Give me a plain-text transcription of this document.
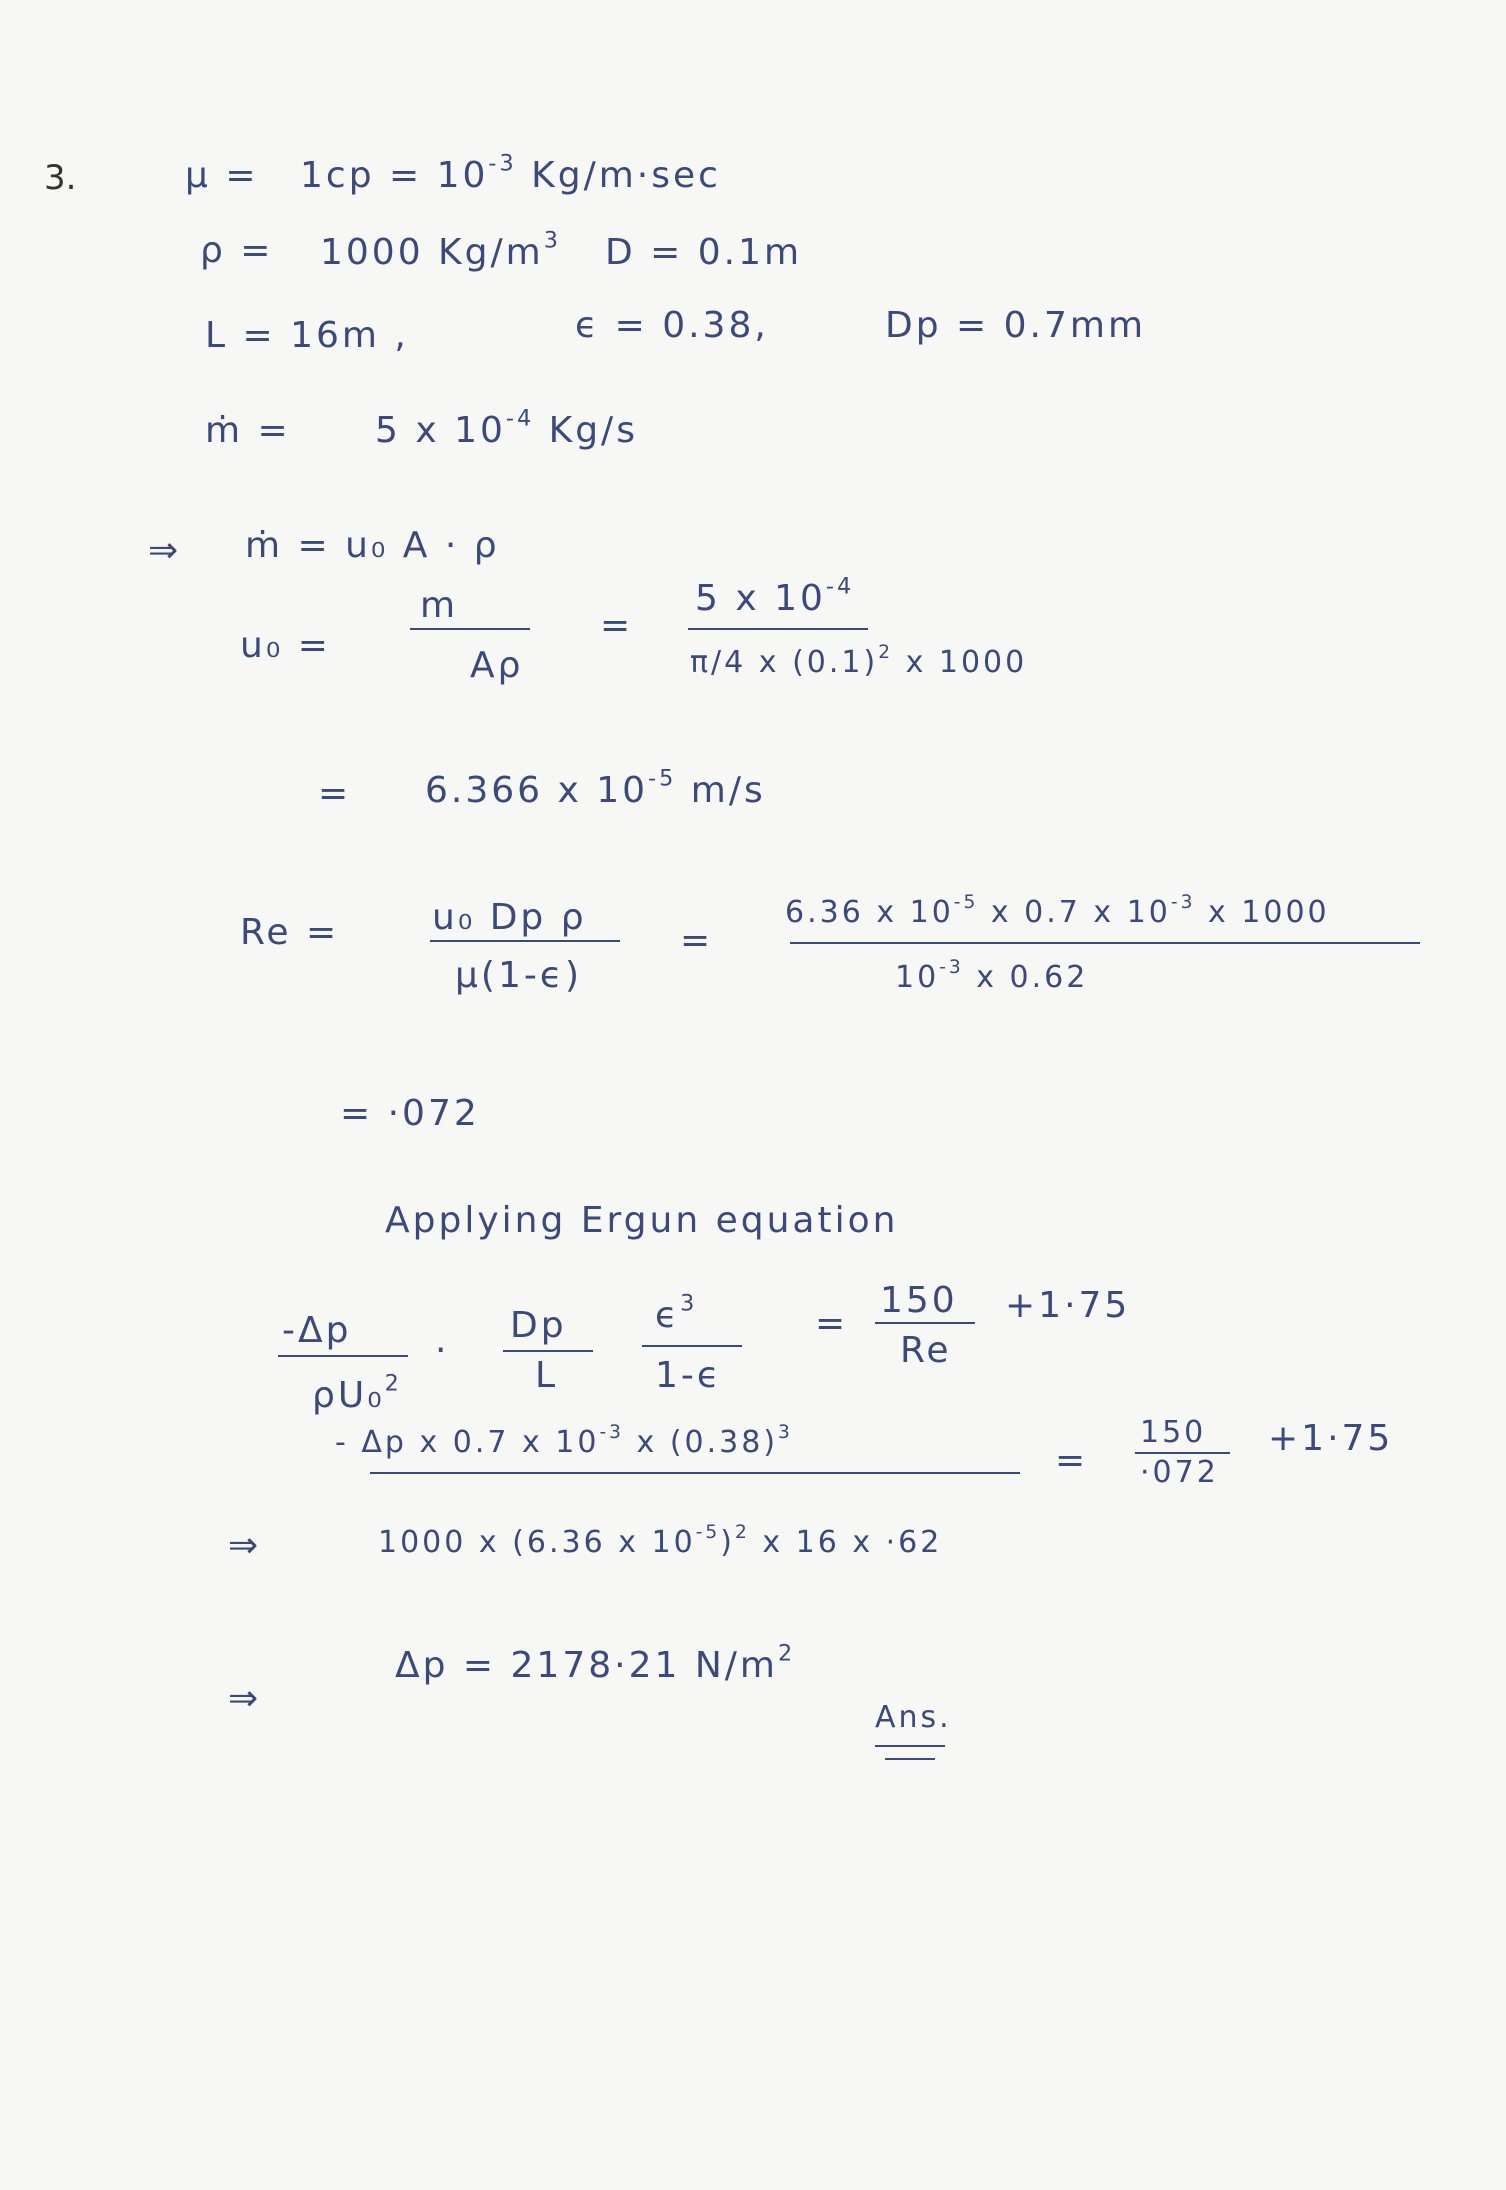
3.	$\mu = 1cp = 10^{-3}$ Kg/m·sec
ρ = 1000 $Kg/m^3$ D = 0.1m
L = 16m ,	ϵ = 0.38,	Dp = 0.7mm
ṁ = 5 x $10^{-4}$ Kg/s
⇒ ṁ = u₀ A · ρ
u₀ =
m
Aρ
=
5 x $10^{-4}$
π/4 x $(0.1)^2$ x 1000
= 6.366 x $10^{-5}$ m/s
Re =	u₀ Dp ρ
μ(1-ϵ)
=
6.36 x $10^{-5}$ x 0.7 x $10^{-3}$ x 1000
$10^{-3}$ x 0.62
= ·072
Applying Ergun equation
-Δp
ρU₀$^2$
·
Dp
L
$\epsilon^3$
1-ϵ
=
150
Re
+1·75
⇒
- Δp x 0.7 x $10^{-3}$ x $(0.38)^3$
1000 x (6.36 x $10^{-5})^2$ x 16 x ·62
=
150
·072
+1·75
⇒
Δp = 2178·21 $N/m^2$
Ans.
